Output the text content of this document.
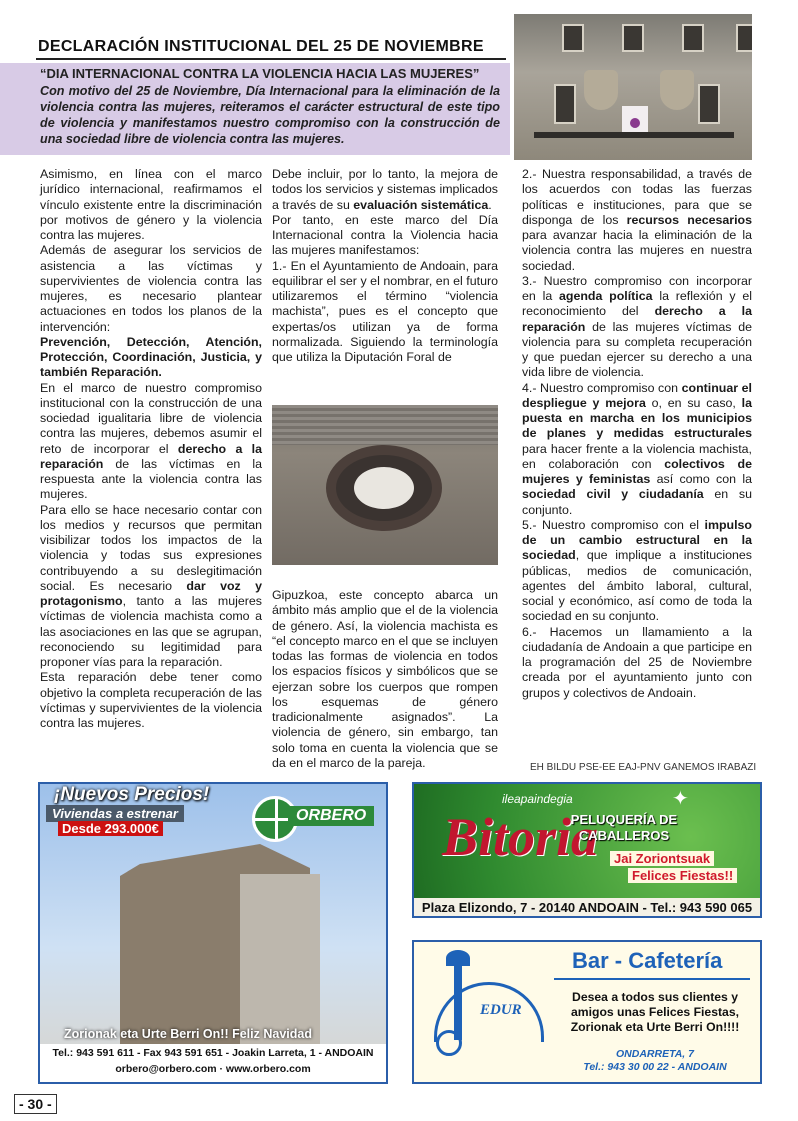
DECLARACIÓN INSTITUCIONAL DEL 25 DE NOVIEMBRE
“DIA INTERNACIONAL CONTRA LA VIOLENCIA HACIA LAS MUJERES”
Con motivo del 25 de Noviembre, Día Internacional para la eliminación de la violencia contra las mujeres, reiteramos el carácter estructural de este tipo de violencia y manifestamos nuestro compromiso con la construcción de una sociedad libre de violencia contra las mujeres.

Asimismo, en línea con el marco jurídico internacional, reafirmamos el vínculo existente entre la discriminación por motivos de género y la violencia contra las mujeres.

Además de asegurar los servicios de asistencia a las víctimas y supervivientes de violencia contra las mujeres, es necesario plantear actuaciones en todos los planos de la intervención:

Prevención, Detección, Atención, Protección, Coordinación, Justicia, y también Reparación.

En el marco de nuestro compromiso institucional con la construcción de una sociedad igualitaria libre de violencia contra las mujeres, debemos asumir el reto de incorporar el derecho a la reparación de las víctimas en la respuesta ante la violencia contra las mujeres.

Para ello se hace necesario contar con los medios y recursos que permitan visibilizar todos los impactos de la violencia y todas sus expresiones contribuyendo a su deslegitimación social. Es necesario dar voz y protagonismo, tanto a las mujeres víctimas de violencia machista como a las asociaciones en las que se agrupan, reconociendo su legitimidad para proponer vías para la reparación.

Esta reparación debe tener como objetivo la completa recuperación de las víctimas y supervivientes de la violencia contra las mujeres.

Debe incluir, por lo tanto, la mejora de todos los servicios y sistemas implicados a través de su evaluación sistemática.

Por tanto, en este marco del Día Internacional contra la Violencia hacia las mujeres manifestamos:

1.- En el Ayuntamiento de Andoain, para equilibrar el ser y el nombrar, en el futuro utilizaremos el término “violencia machista”, pues es el concepto que expertas/os utilizan ya de forma normalizada. Siguiendo la terminología que utiliza la Diputación Foral de

Gipuzkoa, este concepto abarca un ámbito más amplio que el de la violencia de género. Así, la violencia machista es “el concepto marco en el que se incluyen todas las formas de violencia en todos los espacios físicos y simbólicos que se ejerzan sobre los cuerpos que rompen los esquemas de género tradicionalmente asignados”. La violencia de género, sin embargo, tan solo toma en cuenta la violencia que se da en el marco de la pareja.

2.- Nuestra responsabilidad, a través de los acuerdos con todas las fuerzas políticas e instituciones, para que se disponga de los recursos necesarios para avanzar hacia la eliminación de la violencia contra las mujeres en nuestra sociedad.

3.- Nuestro compromiso con incorporar en la agenda política la reflexión y el reconocimiento del derecho a la reparación de las mujeres víctimas de violencia para su completa recuperación y que puedan ejercer su derecho a una vida libre de violencia.

4.- Nuestro compromiso con continuar el despliegue y mejora o, en su caso, la puesta en marcha en los municipios de planes y medidas estructurales para hacer frente a la violencia machista, en colaboración con colectivos de mujeres y feministas así como con la sociedad civil y ciudadanía en su conjunto.

5.- Nuestro compromiso con el impulso de un cambio estructural en la sociedad, que implique a instituciones públicas, medios de comunicación, agentes del ámbito laboral, cultural, social y económico, así como de toda la sociedad en su conjunto.

6.- Hacemos un llamamiento a la ciudadanía de Andoain a que participe en la programación del 25 de Noviembre creada por el ayuntamiento junto con grupos y colectivos de Andoain.

EH BILDU PSE-EE EAJ-PNV GANEMOS IRABAZI
¡Nuevos Precios!
Viviendas a estrenar
Desde 293.000€
ORBERO
Zorionak eta Urte Berri On!! Feliz Navidad
Tel.: 943 591 611 - Fax 943 591 651 - Joakin Larreta, 1 - ANDOAIN
orbero@orbero.com · www.orbero.com
✦
ileapaindegia
Bitoria
PELUQUERÍA DE CABALLEROS
Jai Zoriontsuak
Felices Fiestas!!
Plaza Elizondo, 7 - 20140 ANDOAIN - Tel.: 943 590 065
EDUR
Bar - Cafetería
Desea a todos sus clientes y amigos unas Felices Fiestas, Zorionak eta Urte Berri On!!!!
ONDARRETA, 7
Tel.: 943 30 00 22 - ANDOAIN
- 30 -
